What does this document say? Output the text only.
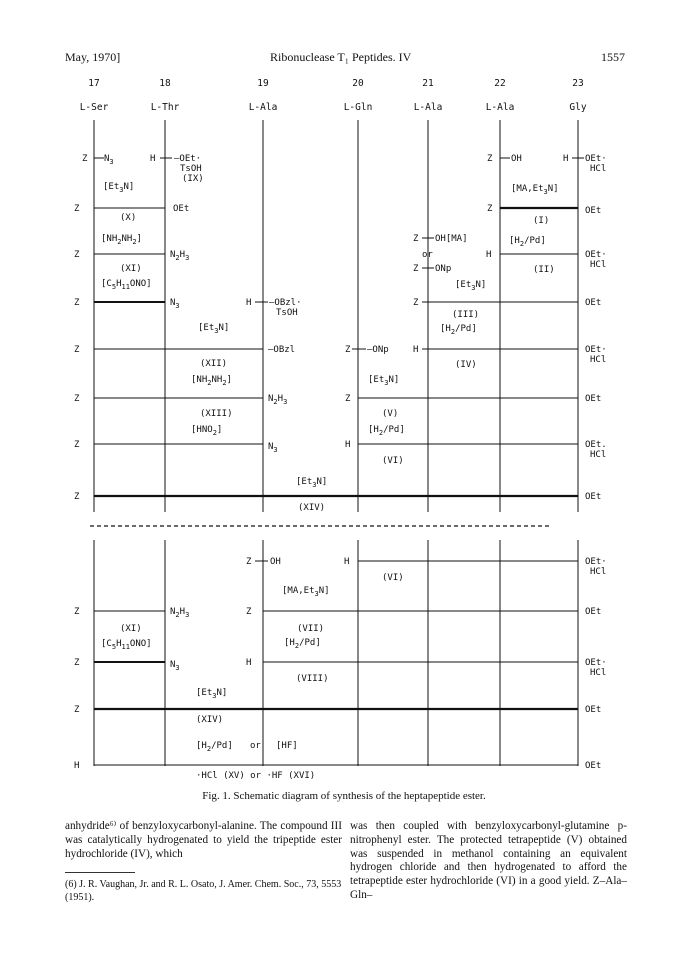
May, 1970]	Ribonuclease T₁ Peptides. IV	1557
17
L-Ser
18
L-Thr
19
L-Ala
20
L-Gln
21
L-Ala
22
L-Ala
23
Gly
Z $N_3$	H —OEt·
TsOH
(IX)
$[Et_3N]$
Z OH	H OEt·
HCl
$[MA,Et_3N]$
Z	OEt
(X)
Z	OEt
(I)
$[NH_2NH_2]$	Z OH[MA]	$[H_2/Pd]$
Z	$N_2H_3$	or	H	OEt·
HCl
(XI)	Z ONp	(II)
$[C_5H_{11}ONO]$	$[Et_3N]$
Z	$N_3$	H —OBzl·
TsOH
Z	OEt
(III)
$[Et_3N]$	$[H_2/Pd]$
Z	—OBzl	Z —ONp	H	OEt·
HCl
(XII)	(IV)
$[NH_2NH_2]$	$[Et_3N]$
Z	$N_2H_3$	Z	OEt
(XIII)	(V)
$[HNO_2]$	$[H_2/Pd]$
Z	$N_3$	H	OEt.
HCl
(VI)
$[Et_3N]$
Z	OEt
(XIV)
Z OH	H	OEt·
HCl
(VI)
$[MA,Et_3N]$
Z	$N_2H_3$	Z	OEt
(XI)	(VII)
$[C_5H_{11}ONO]$	$[H_2/Pd]$
Z	$N_3$	H	OEt·
HCl
(VIII)
$[Et_3N]$
Z	OEt
(XIV)
$[H_2/Pd]$ or [HF]
H	OEt
·HCl (XV) or ·HF (XVI)
Fig. 1. Schematic diagram of synthesis of the heptapeptide ester.

anhydride⁶⁾ of benzyloxycarbonyl-alanine. The compound III was catalytically hydrogenated to yield the tripeptide ester hydrochloride (IV), which

was then coupled with benzyloxycarbonyl-glutamine p-nitrophenyl ester. The protected tetrapeptide (V) obtained was suspended in methanol containing an equivalent hydrogen chloride and then hydrogenated to afford the tetrapeptide ester hydrochloride (VI) in a good yield. Z–Ala–Gln–

(6) J. R. Vaughan, Jr. and R. L. Osato, J. Amer. Chem. Soc., 73, 5553 (1951).
